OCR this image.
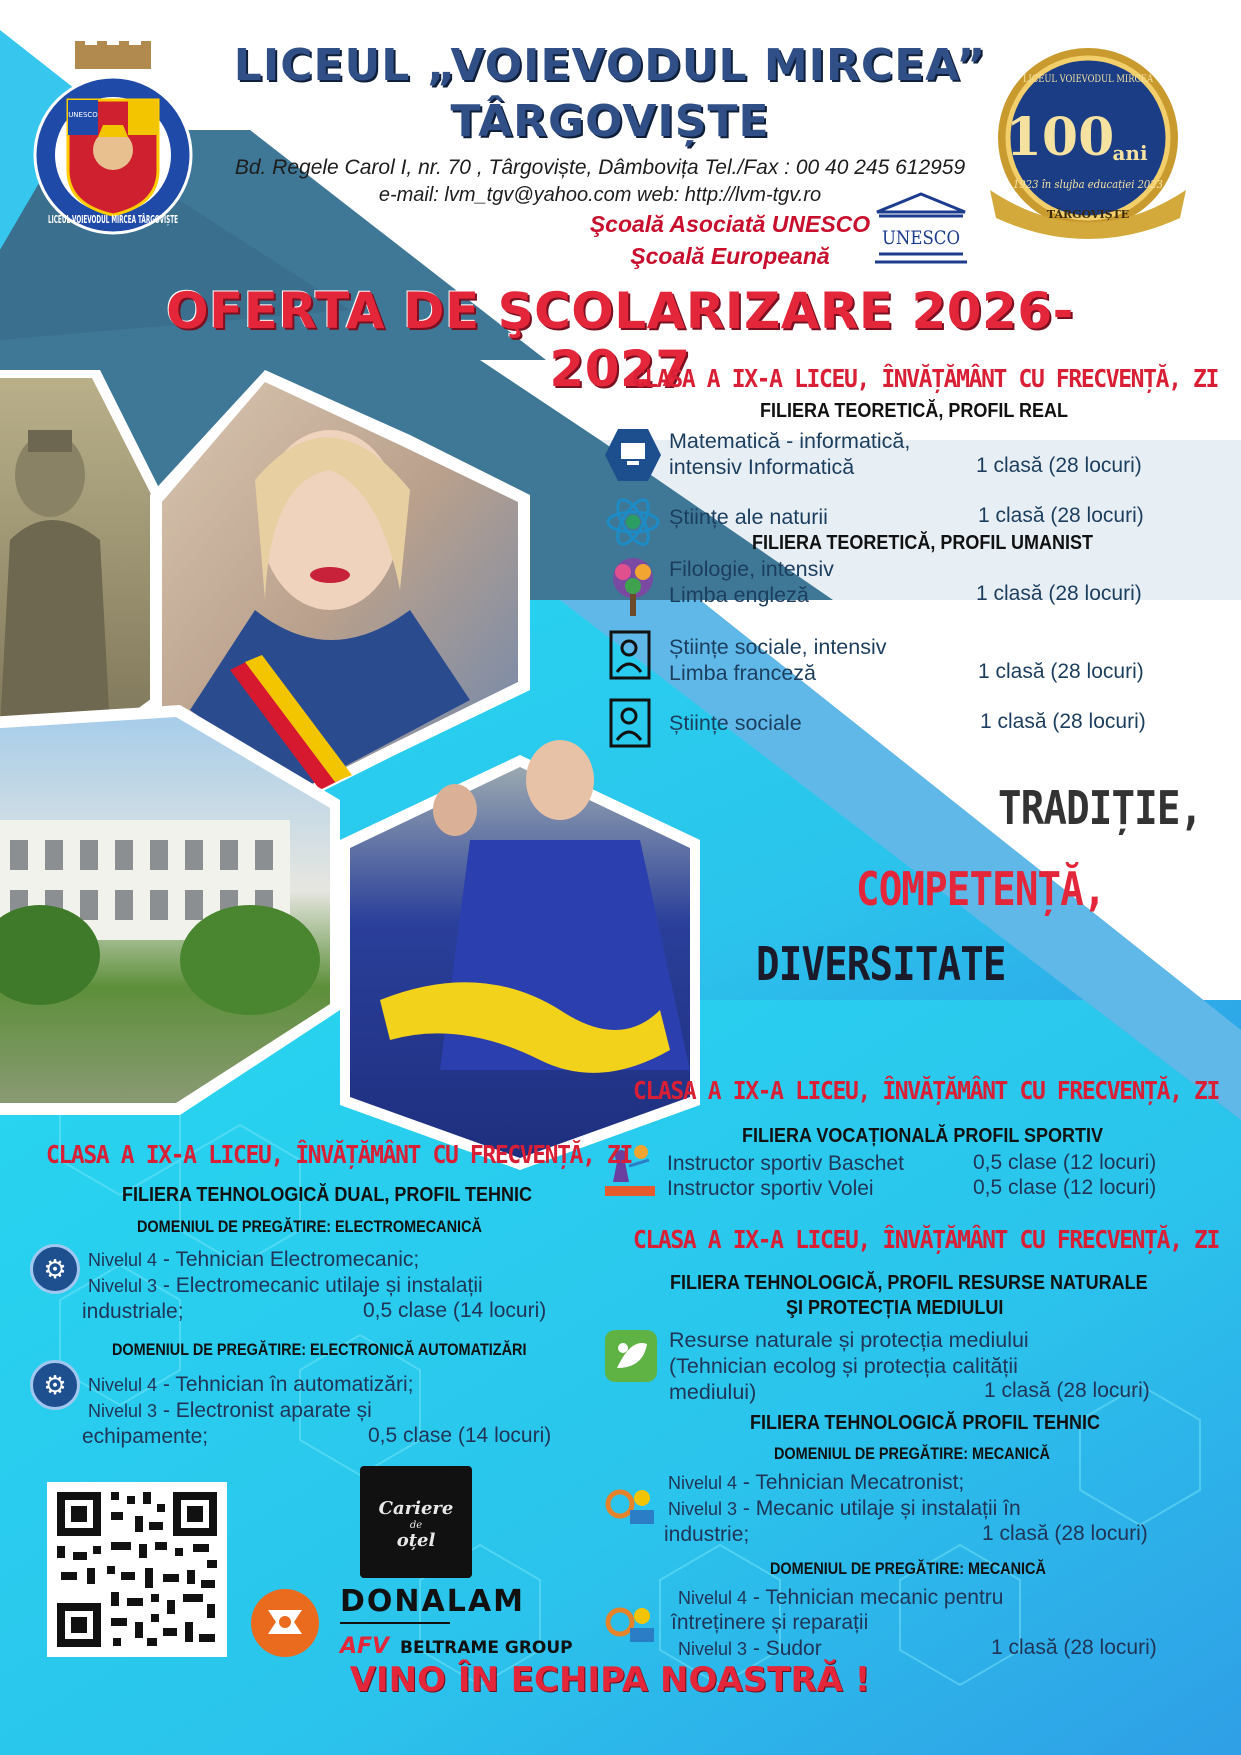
LICEUL VOIEVODUL MIRCEA TÂRGOVIȘTE
UNESCO	100
ani
LICEUL VOIEVODUL MIRCEA
1923 în slujba educației 2023
TÂRGOVIȘTE
LICEUL „VOIEVODUL MIRCEA”
TÂRGOVIȘTE
Bd. Regele Carol I, nr. 70 , Târgoviște, Dâmbovița Tel./Fax : 00 40 245 612959
e-mail: lvm_tgv@yahoo.com web: http://lvm-tgv.ro
Şcoală Asociată UNESCO
Şcoală Europeană
UNESCO
OFERTA DE ŞCOLARIZARE 2026-2027
CLASA A IX-A LICEU, ÎNVĂȚĂMÂNT CU FRECVENȚĂ, ZI
FILIERA TEORETICĂ, PROFIL REAL
Matematică - informatică,
intensiv Informatică	1 clasă (28 locuri)
Științe ale naturii	1 clasă (28 locuri)
FILIERA TEORETICĂ, PROFIL UMANIST
Filologie, intensiv
Limba engleză	1 clasă (28 locuri)
Științe sociale, intensiv
Limba franceză	1 clasă (28 locuri)
Științe sociale	1 clasă (28 locuri)
TRADIȚIE,
COMPETENȚĂ,
DIVERSITATE
CLASA A IX-A LICEU, ÎNVĂȚĂMÂNT CU FRECVENȚĂ, ZI
FILIERA VOCAȚIONALĂ PROFIL SPORTIV
Instructor sportiv Baschet	0,5 clase (12 locuri)
Instructor sportiv Volei	0,5 clase (12 locuri)
CLASA A IX-A LICEU, ÎNVĂȚĂMÂNT CU FRECVENȚĂ, ZI
FILIERA TEHNOLOGICĂ, PROFIL RESURSE NATURALE
ŞI PROTECȚIA MEDIULUI
Resurse naturale și protecția mediului
(Tehnician ecolog și protecția calității
mediului)	1 clasă (28 locuri)
FILIERA TEHNOLOGICĂ PROFIL TEHNIC
DOMENIUL DE PREGĂTIRE: MECANICĂ
Nivelul 4 - Tehnician Mecatronist;
Nivelul 3 - Mecanic utilaje și instalații în
industrie;	1 clasă (28 locuri)
DOMENIUL DE PREGĂTIRE: MECANICĂ
Nivelul 4 - Tehnician mecanic pentru
întreținere și reparații
Nivelul 3 - Sudor	1 clasă (28 locuri)
CLASA A IX-A LICEU, ÎNVĂȚĂMÂNT CU FRECVENȚĂ, ZI
FILIERA TEHNOLOGICĂ DUAL, PROFIL TEHNIC
DOMENIUL DE PREGĂTIRE: ELECTROMECANICĂ
⚙	Nivelul 4 - Tehnician Electromecanic;
Nivelul 3 - Electromecanic utilaje și instalații
industriale;	0,5 clase (14 locuri)
DOMENIUL DE PREGĂTIRE: ELECTRONICĂ AUTOMATIZĂRI
⚙	Nivelul 4 - Tehnician în automatizări;
Nivelul 3 - Electronist aparate și
echipamente;	0,5 clase (14 locuri)
Cariere
de
oțel
DONALAM
AFV BELTRAME GROUP
VINO ÎN ECHIPA NOASTRĂ !
